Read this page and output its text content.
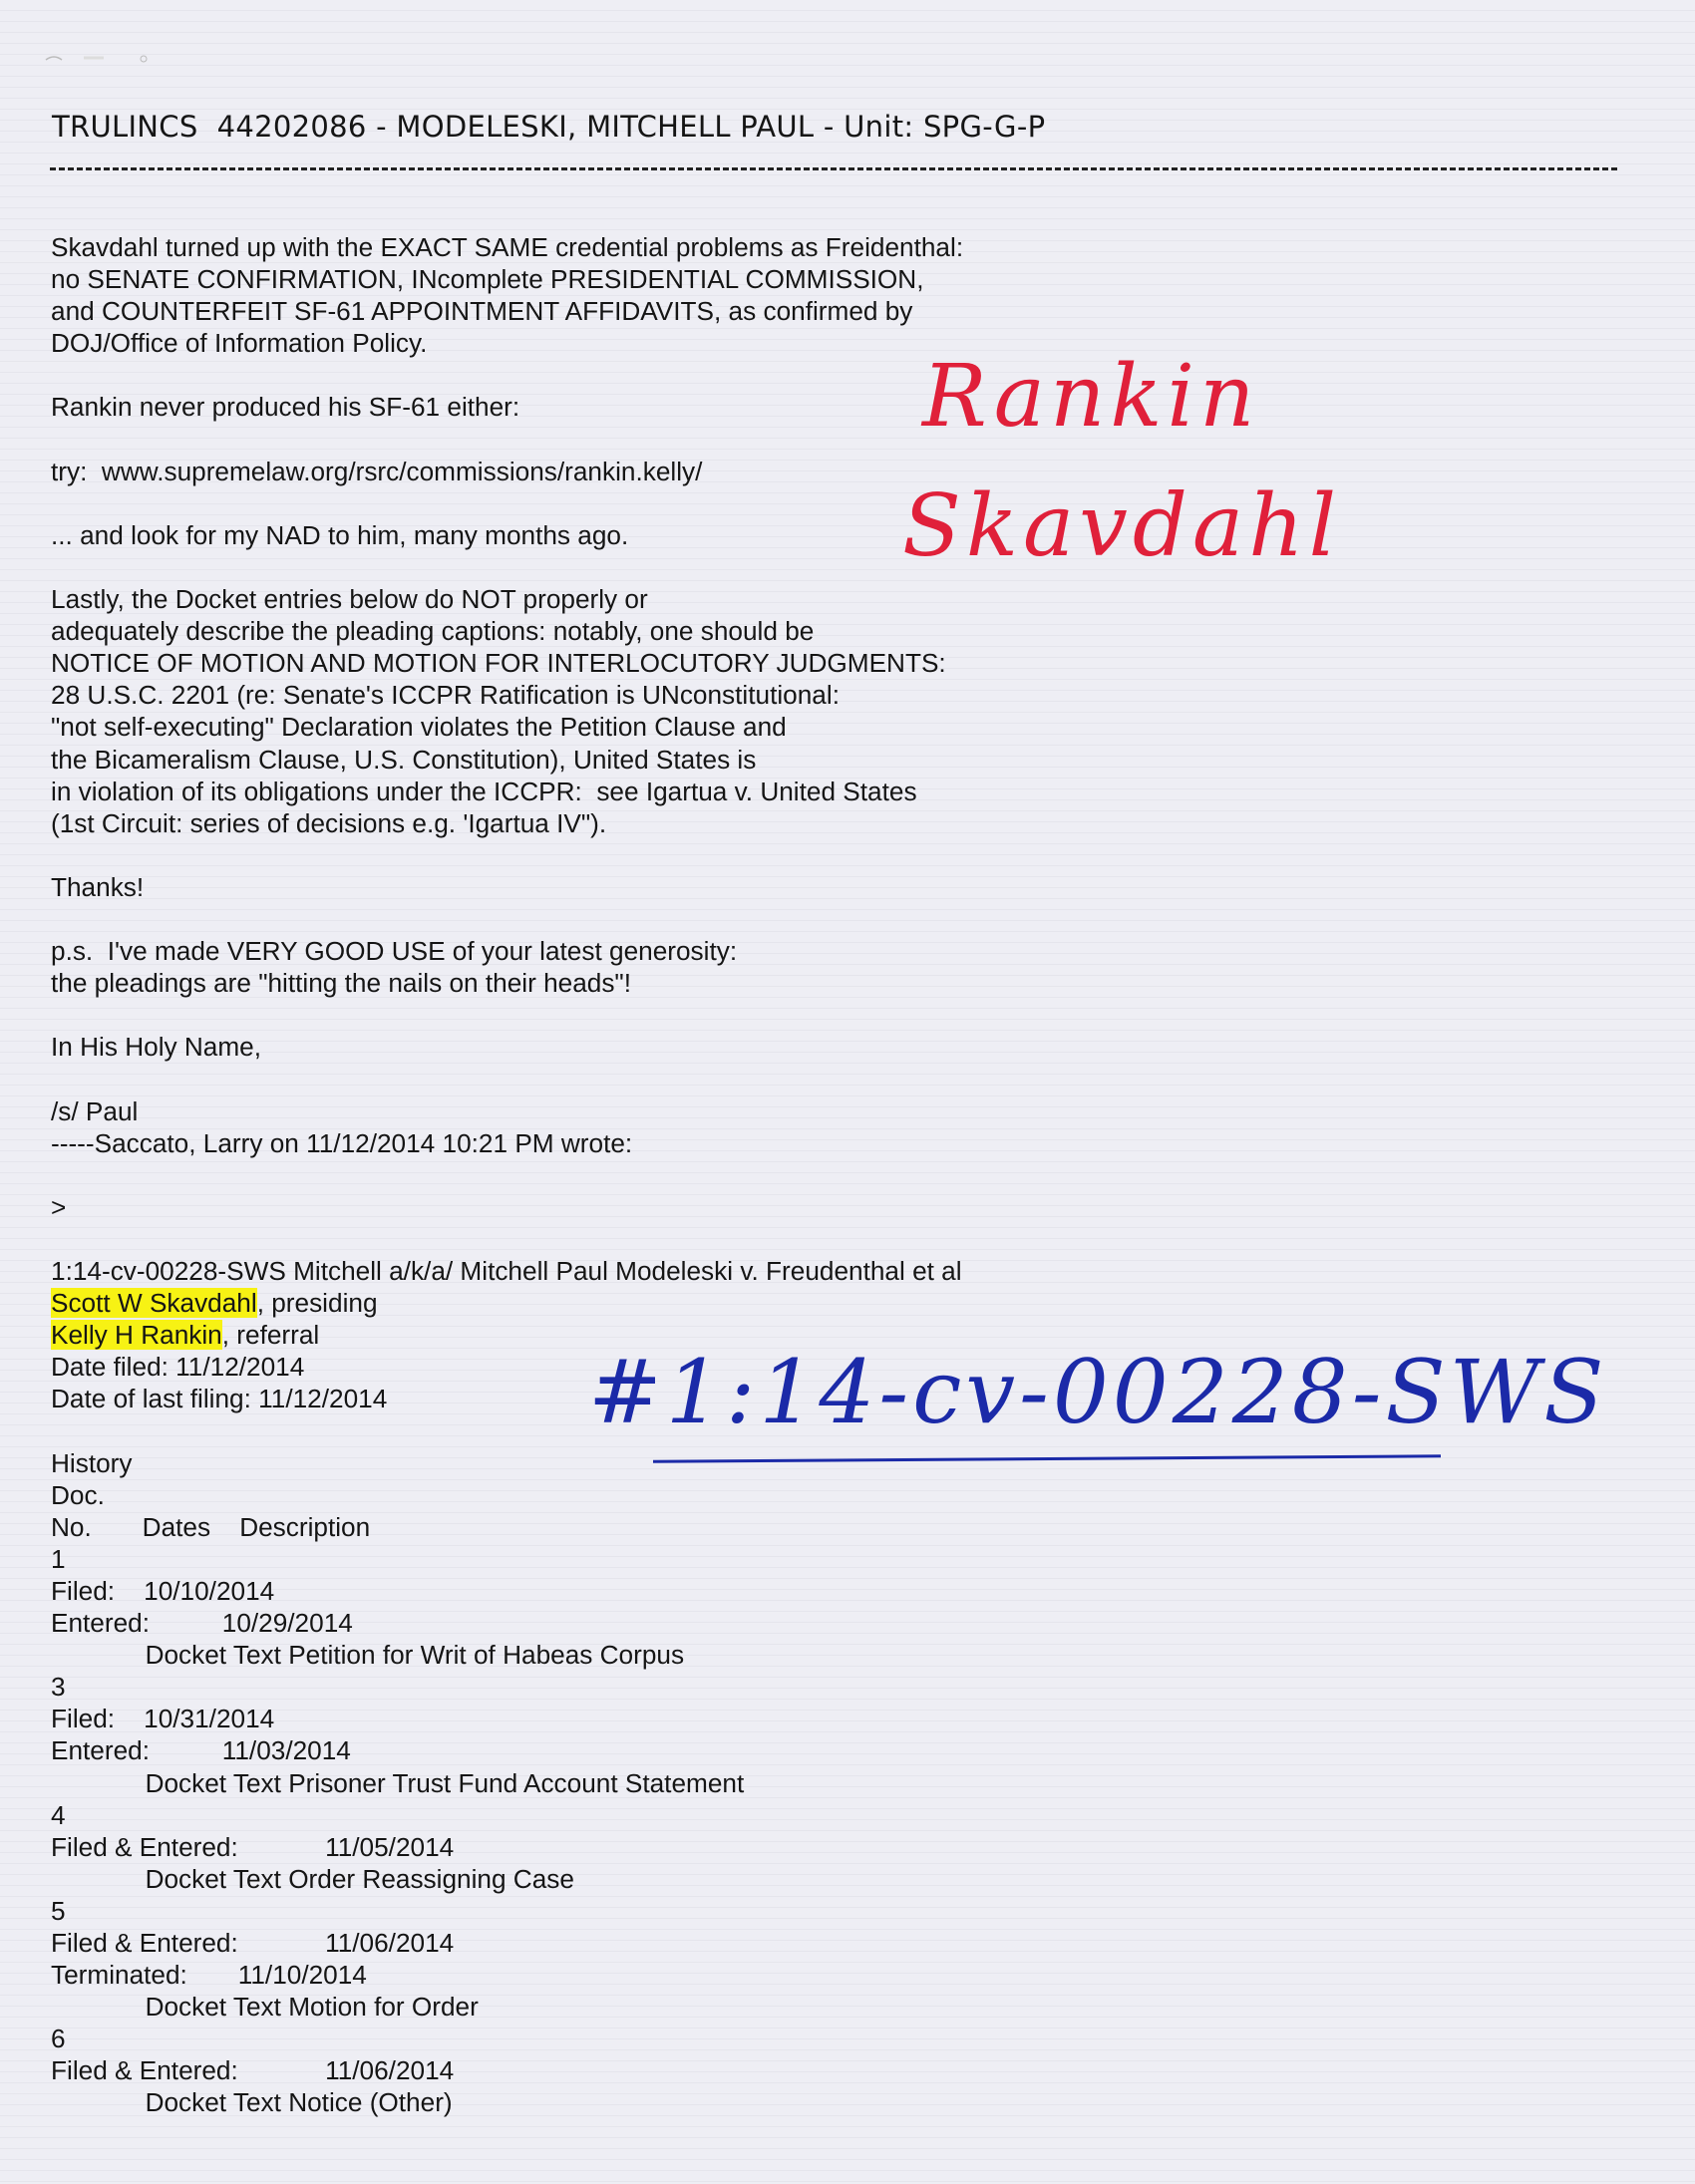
TRULINCS  44202086 - MODELESKI, MITCHELL PAUL - Unit: SPG-G-P
Skavdahl turned up with the EXACT SAME credential problems as Freidenthal:
no SENATE CONFIRMATION, INcomplete PRESIDENTIAL COMMISSION,
and COUNTERFEIT SF-61 APPOINTMENT AFFIDAVITS, as confirmed by
DOJ/Office of Information Policy.
Rankin never produced his SF-61 either:
try:  www.supremelaw.org/rsrc/commissions/rankin.kelly/
... and look for my NAD to him, many months ago.
Lastly, the Docket entries below do NOT properly or
adequately describe the pleading captions: notably, one should be
NOTICE OF MOTION AND MOTION FOR INTERLOCUTORY JUDGMENTS:
28 U.S.C. 2201 (re: Senate's ICCPR Ratification is UNconstitutional:
"not self-executing" Declaration violates the Petition Clause and
the Bicameralism Clause, U.S. Constitution), United States is
in violation of its obligations under the ICCPR:  see Igartua v. United States
(1st Circuit: series of decisions e.g. 'Igartua IV").
Thanks!
p.s.  I've made VERY GOOD USE of your latest generosity:
the pleadings are "hitting the nails on their heads"!
In His Holy Name,
/s/ Paul
-----Saccato, Larry on 11/12/2014 10:21 PM wrote:
>
1:14-cv-00228-SWS Mitchell a/k/a/ Mitchell Paul Modeleski v. Freudenthal et al
Scott W Skavdahl, presiding
Kelly H Rankin, referral
Date filed: 11/12/2014
Date of last filing: 11/12/2014
History
Doc.
No.       Dates    Description
1
Filed:    10/10/2014
Entered:          10/29/2014
Docket Text Petition for Writ of Habeas Corpus
3
Filed:    10/31/2014
Entered:          11/03/2014
Docket Text Prisoner Trust Fund Account Statement
4
Filed & Entered:            11/05/2014
Docket Text Order Reassigning Case
5
Filed & Entered:            11/06/2014
Terminated:       11/10/2014
Docket Text Motion for Order
6
Filed & Entered:            11/06/2014
Docket Text Notice (Other)
Rankin
Skavdahl
#1:14-cv-00228-SWS
